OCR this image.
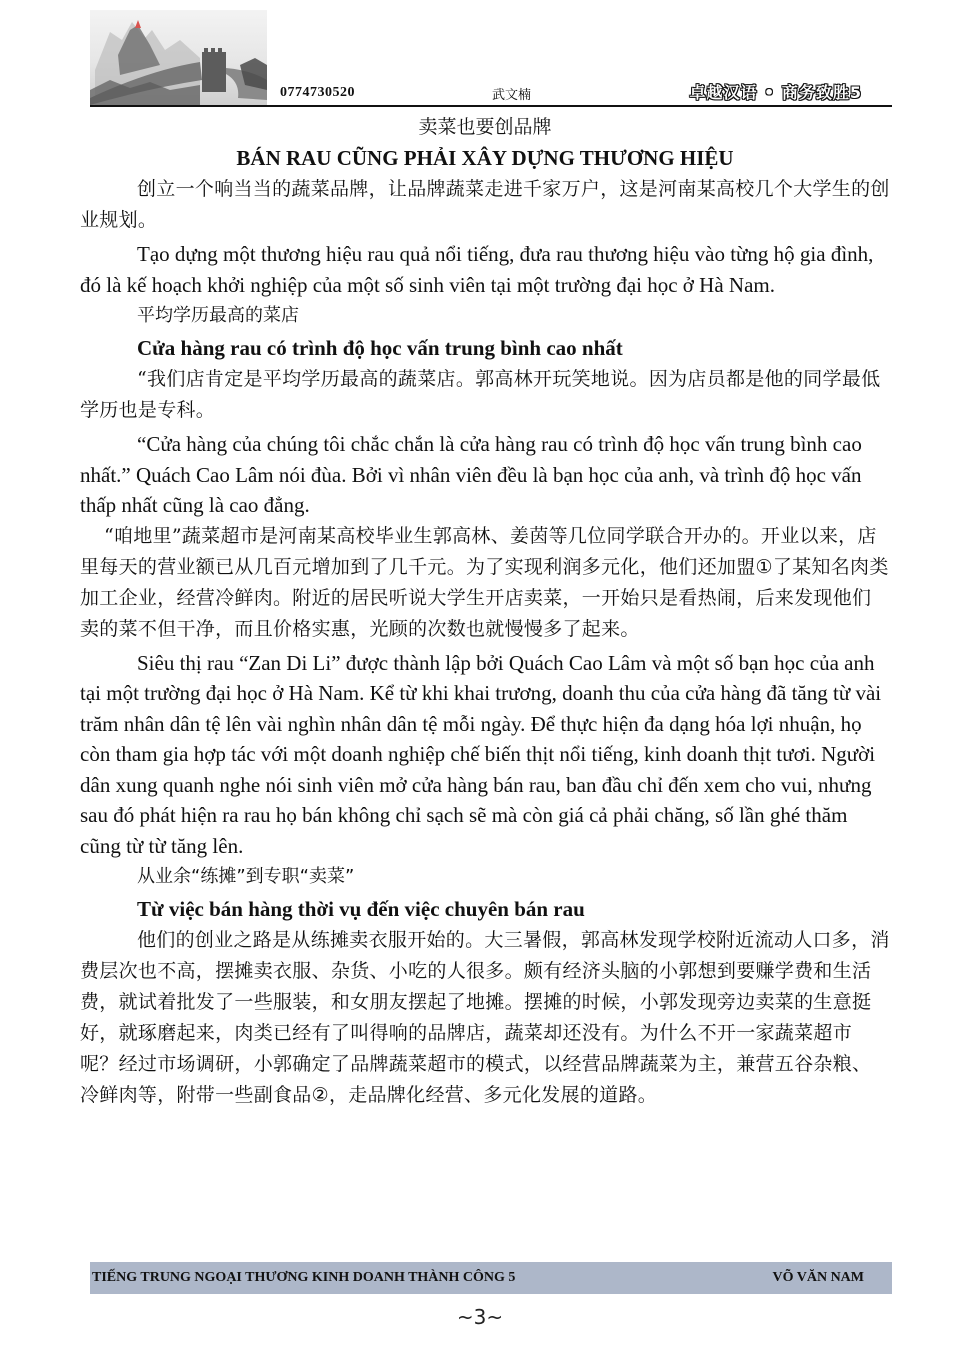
0774730520	武文楠	卓越汉语 • 商务致胜5
卖菜也要创品牌
BÁN RAU CŨNG PHẢI XÂY DỰNG THƯƠNG HIỆU

创立一个响当当的蔬菜品牌，让品牌蔬菜走进千家万户，这是河南某高校几个大学生的创业规划。

Tạo dựng một thương hiệu rau quả nổi tiếng, đưa rau thương hiệu vào từng hộ gia đình, đó là kế hoạch khởi nghiệp của một số sinh viên tại một trường đại học ở Hà Nam.

平均学历最高的菜店
Cửa hàng rau có trình độ học vấn trung bình cao nhất

“我们店肯定是平均学历最高的蔬菜店。郭高林开玩笑地说。因为店员都是他的同学最低学历也是专科。

“Cửa hàng của chúng tôi chắc chắn là cửa hàng rau có trình độ học vấn trung bình cao nhất.” Quách Cao Lâm nói đùa. Bởi vì nhân viên đều là bạn học của anh, và trình độ học vấn thấp nhất cũng là cao đẳng.

“咱地里”蔬菜超市是河南某高校毕业生郭高林、姜茵等几位同学联合开办的。开业以来，店里每天的营业额已从几百元增加到了几千元。为了实现利润多元化，他们还加盟①了某知名肉类加工企业，经营冷鲜肉。附近的居民听说大学生开店卖菜，一开始只是看热闹，后来发现他们卖的菜不但干净，而且价格实惠，光顾的次数也就慢慢多了起来。

Siêu thị rau “Zan Di Li” được thành lập bởi Quách Cao Lâm và một số bạn học của anh tại một trường đại học ở Hà Nam. Kể từ khi khai trương, doanh thu của cửa hàng đã tăng từ vài trăm nhân dân tệ lên vài nghìn nhân dân tệ mỗi ngày. Để thực hiện đa dạng hóa lợi nhuận, họ còn tham gia hợp tác với một doanh nghiệp chế biến thịt nổi tiếng, kinh doanh thịt tươi. Người dân xung quanh nghe nói sinh viên mở cửa hàng bán rau, ban đầu chỉ đến xem cho vui, nhưng sau đó phát hiện ra rau họ bán không chỉ sạch sẽ mà còn giá cả phải chăng, số lần ghé thăm cũng từ từ tăng lên.

从业余“练摊”到专职“卖菜”
Từ việc bán hàng thời vụ đến việc chuyên bán rau

他们的创业之路是从练摊卖衣服开始的。大三暑假，郭高林发现学校附近流动人口多，消费层次也不高，摆摊卖衣服、杂货、小吃的人很多。颇有经济头脑的小郭想到要赚学费和生活费，就试着批发了一些服装，和女朋友摆起了地摊。摆摊的时候，小郭发现旁边卖菜的生意挺好，就琢磨起来，肉类已经有了叫得响的品牌店，蔬菜却还没有。为什么不开一家蔬菜超市呢？经过市场调研，小郭确定了品牌蔬菜超市的模式，以经营品牌蔬菜为主，兼营五谷杂粮、冷鲜肉等，附带一些副食品②，走品牌化经营、多元化发展的道路。

TIẾNG TRUNG NGOẠI THƯƠNG KINH DOANH THÀNH CÔNG 5	VÕ VĂN NAM
~3~
